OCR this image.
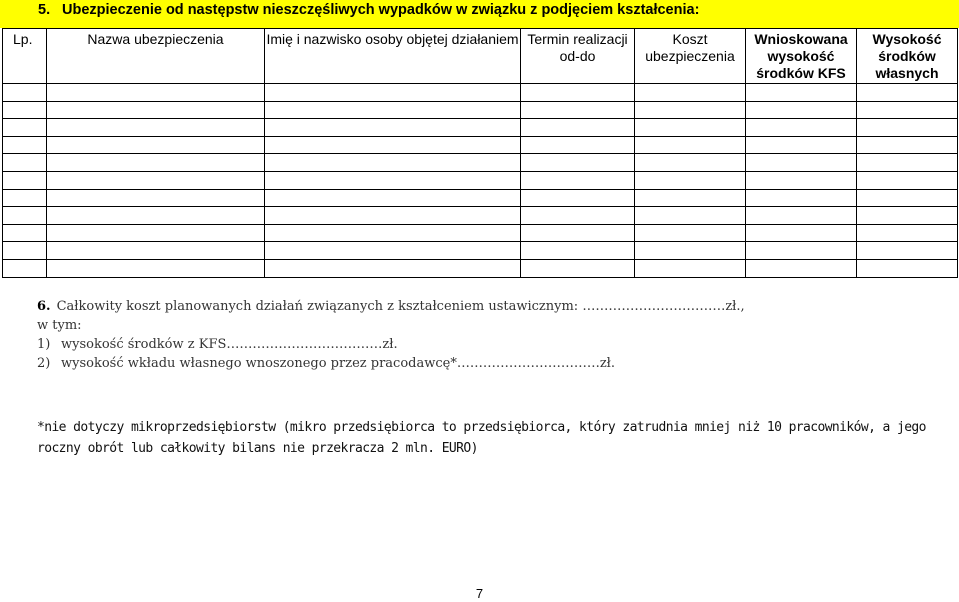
5. Ubezpieczenie od następstw nieszczęśliwych wypadków w związku z podjęciem kształcenia:
Lp.	Nazwa ubezpieczenia	Imię i nazwisko osoby objętej działaniem	Termin realizacji od-do	Koszt ubezpieczenia	Wnioskowana wysokość środków KFS	Wysokość środków własnych

6. Całkowity koszt planowanych działań związanych z kształceniem ustawicznym: ……………………………zł.,
w tym:
1) wysokość środków z KFS………………………………zł.
2) wysokość wkładu własnego wnoszonego przez pracodawcę*……………………………zł.
*nie dotyczy mikroprzedsiębiorstw (mikro przedsiębiorca to przedsiębiorca, który zatrudnia mniej niż 10 pracowników, a jego roczny obrót lub całkowity bilans nie przekracza 2 mln. EURO)
7
